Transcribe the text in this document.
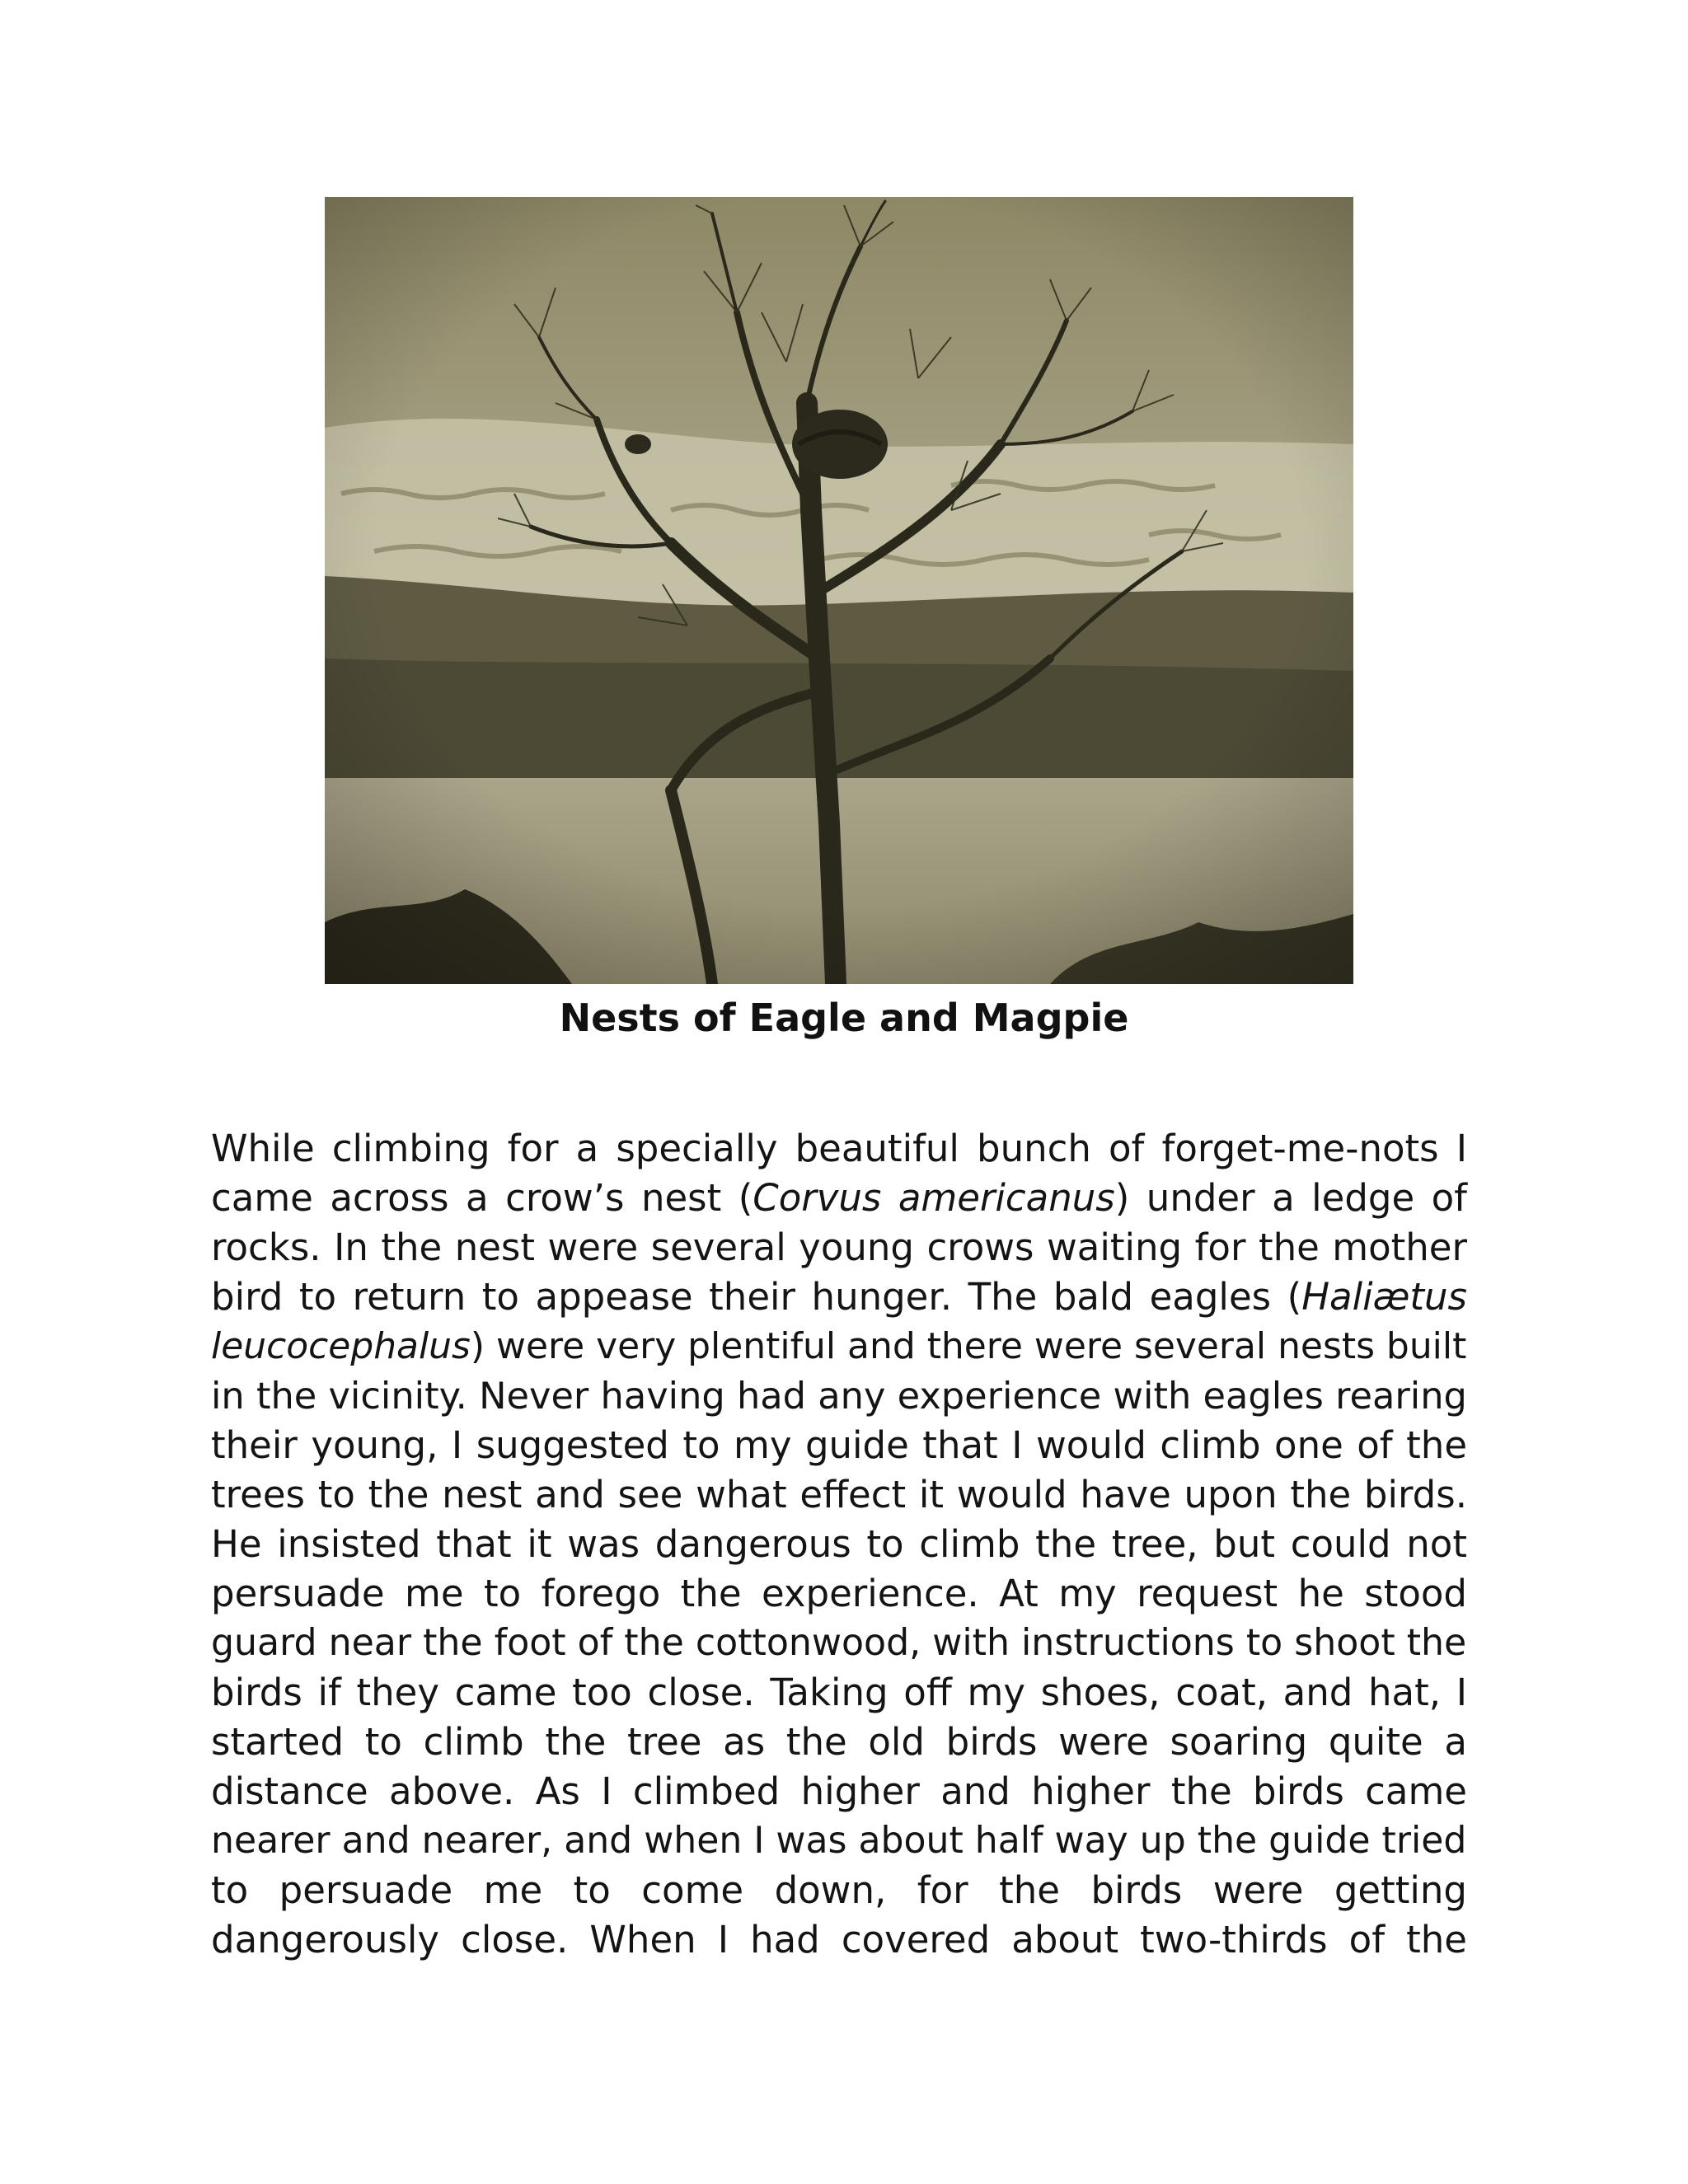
Nests of Eagle and Magpie
While climbing for a specially beautiful bunch of forget-me-nots I
came across a crow’s nest (Corvus americanus) under a ledge of
rocks. In the nest were several young crows waiting for the mother
bird to return to appease their hunger. The bald eagles (Haliætus
leucocephalus) were very plentiful and there were several nests built
in the vicinity. Never having had any experience with eagles rearing
their young, I suggested to my guide that I would climb one of the
trees to the nest and see what effect it would have upon the birds.
He insisted that it was dangerous to climb the tree, but could not
persuade me to forego the experience. At my request he stood
guard near the foot of the cottonwood, with instructions to shoot the
birds if they came too close. Taking off my shoes, coat, and hat, I
started to climb the tree as the old birds were soaring quite a
distance above. As I climbed higher and higher the birds came
nearer and nearer, and when I was about half way up the guide tried
to persuade me to come down, for the birds were getting
dangerously close. When I had covered about two-thirds of the
